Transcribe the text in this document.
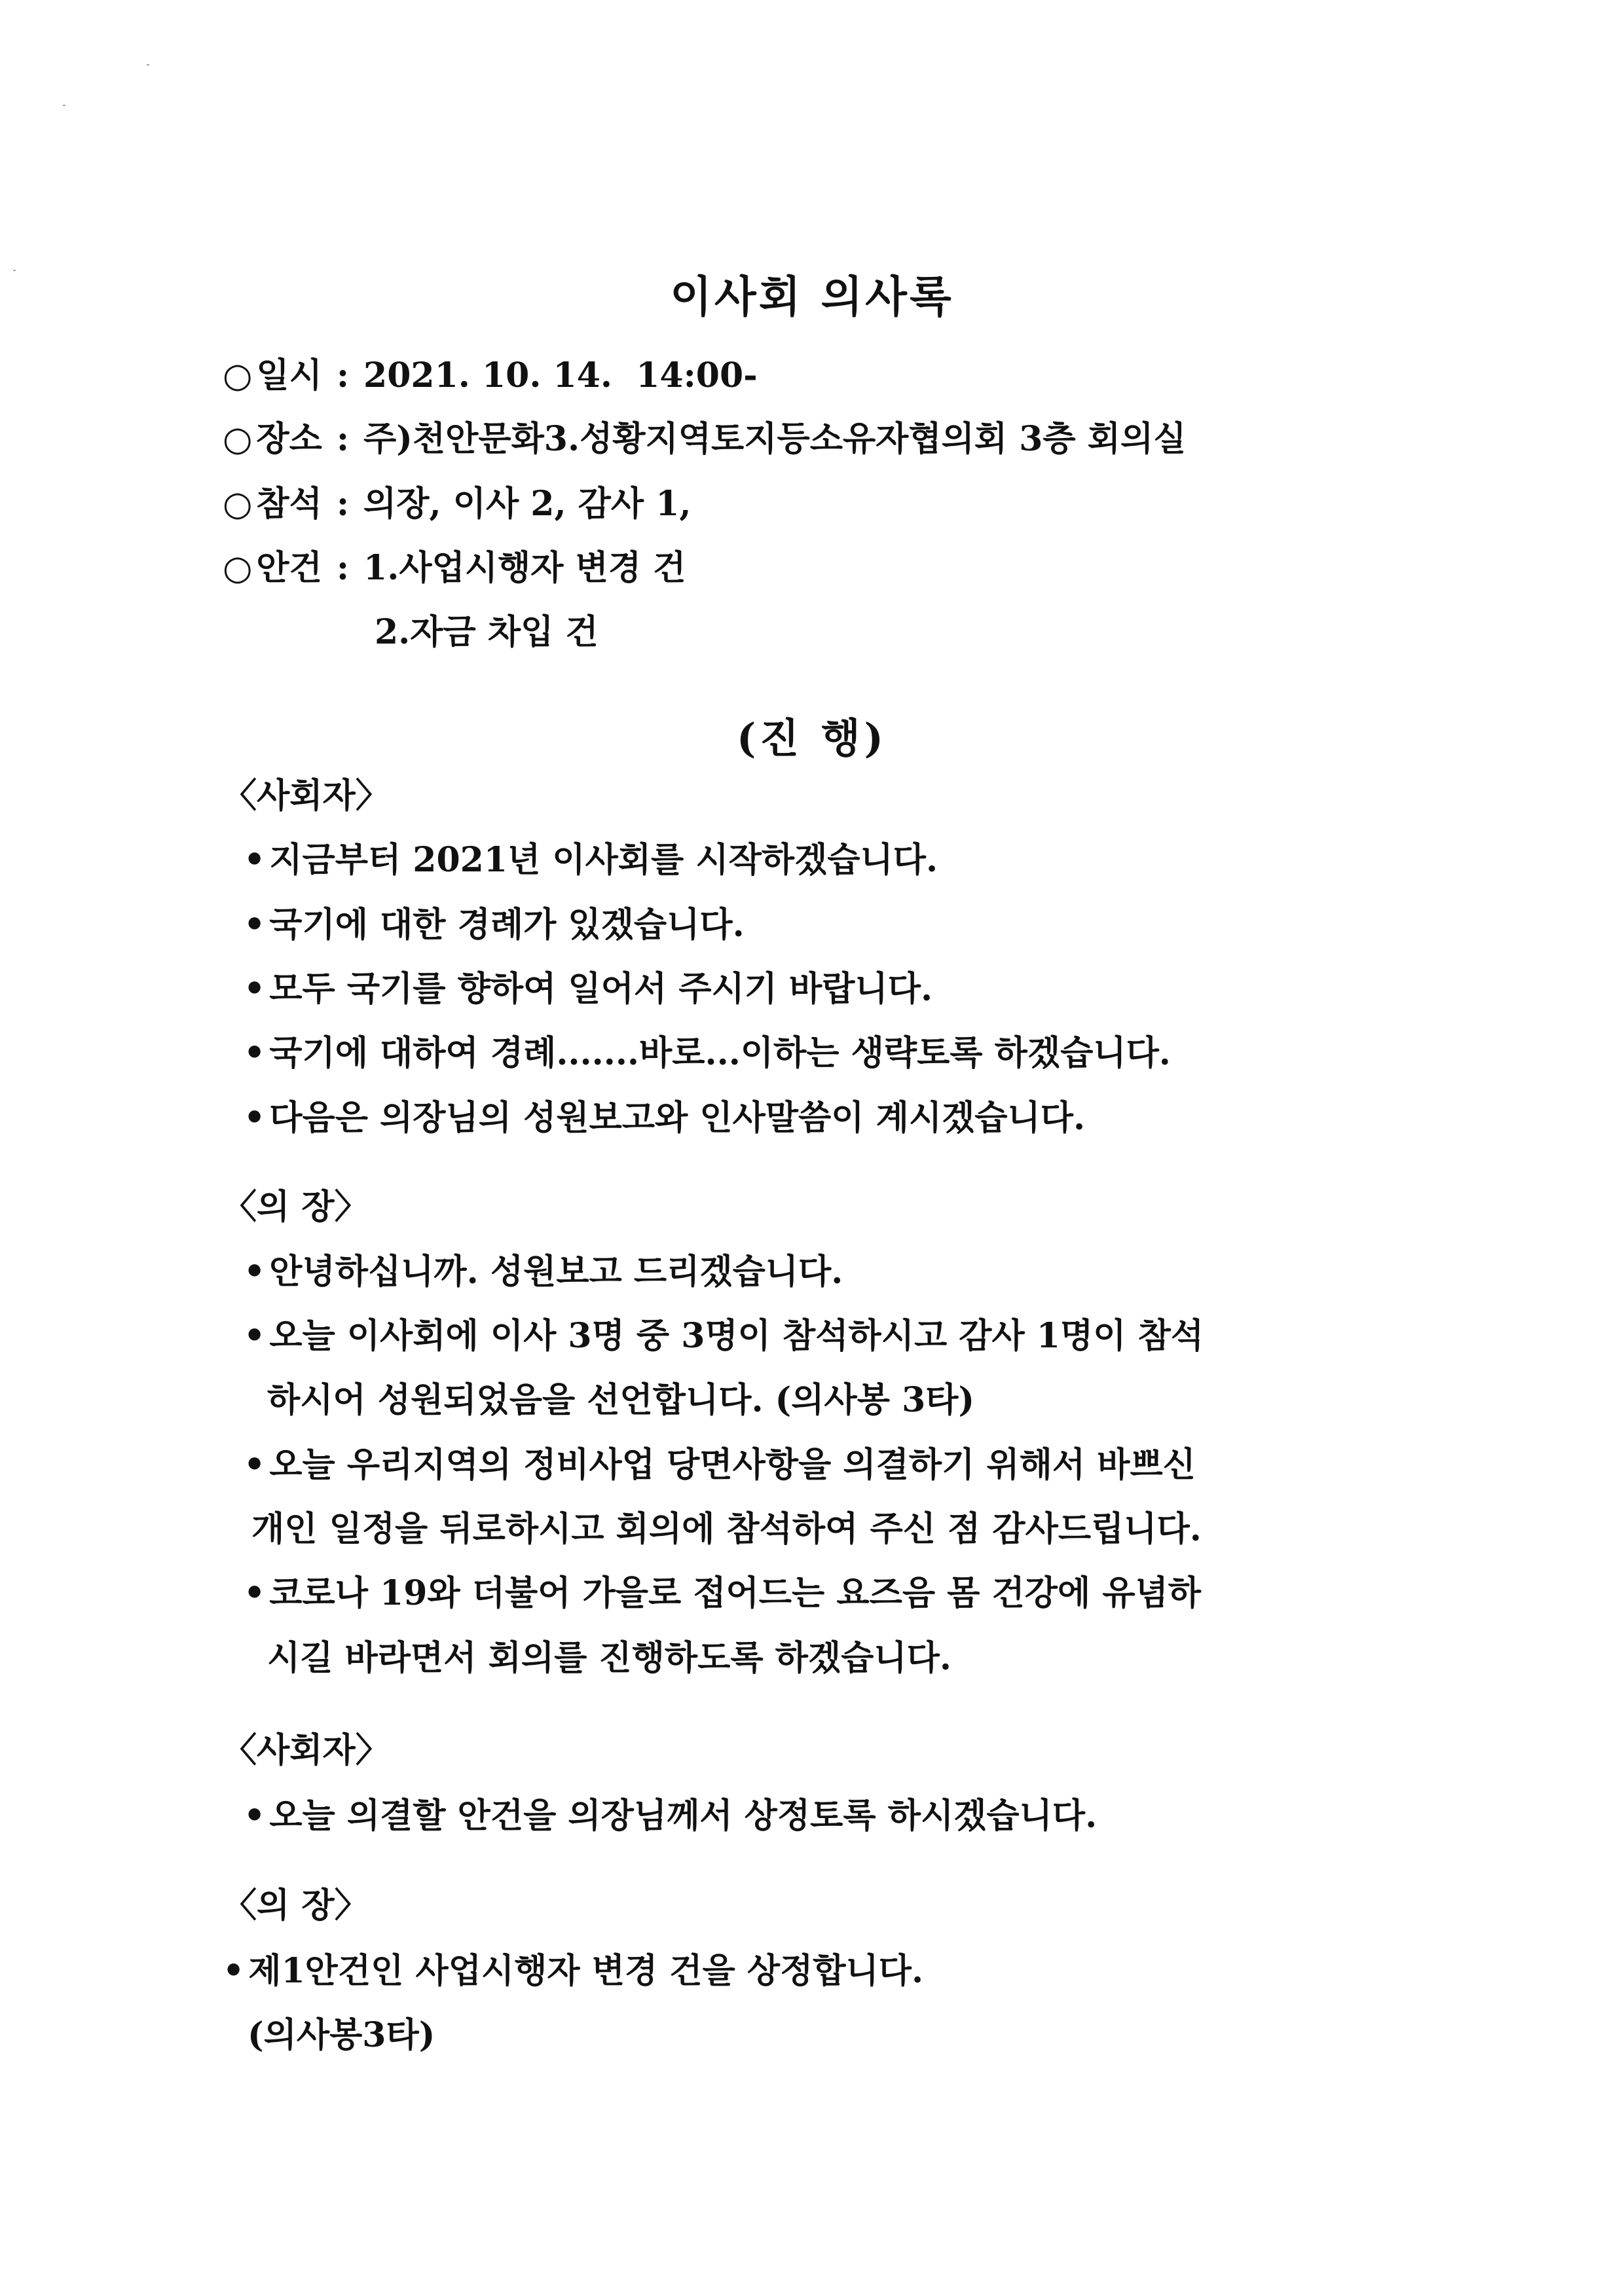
이사회 의사록
○ 일시 : 2021. 10. 14.  14:00-
○ 장소 : 주)천안문화3.성황지역토지등소유자협의회 3층 회의실
○ 참석 : 의장, 이사 2, 감사 1,
○ 안건 : 1.사업시행자 변경 건
2.자금 차입 건
(진 행)
〈사회자〉
• 지금부터 2021년 이사회를 시작하겠습니다.
• 국기에 대한 경례가 있겠습니다.
• 모두 국기를 향하여 일어서 주시기 바랍니다.
• 국기에 대하여 경례.......바로...이하는 생략토록 하겠습니다.
• 다음은 의장님의 성원보고와 인사말씀이 계시겠습니다.
〈의 장〉
• 안녕하십니까. 성원보고 드리겠습니다.
• 오늘 이사회에 이사 3명 중 3명이 참석하시고 감사 1명이 참석
하시어 성원되었음을 선언합니다. (의사봉 3타)
• 오늘 우리지역의 정비사업 당면사항을 의결하기 위해서 바쁘신
개인 일정을 뒤로하시고 회의에 참석하여 주신 점 감사드립니다.
• 코로나 19와 더불어 가을로 접어드는 요즈음 몸 건강에 유념하
시길 바라면서 회의를 진행하도록 하겠습니다.
〈사회자〉
• 오늘 의결할 안건을 의장님께서 상정토록 하시겠습니다.
〈의 장〉
• 제1안건인 사업시행자 변경 건을 상정합니다.
(의사봉3타)
